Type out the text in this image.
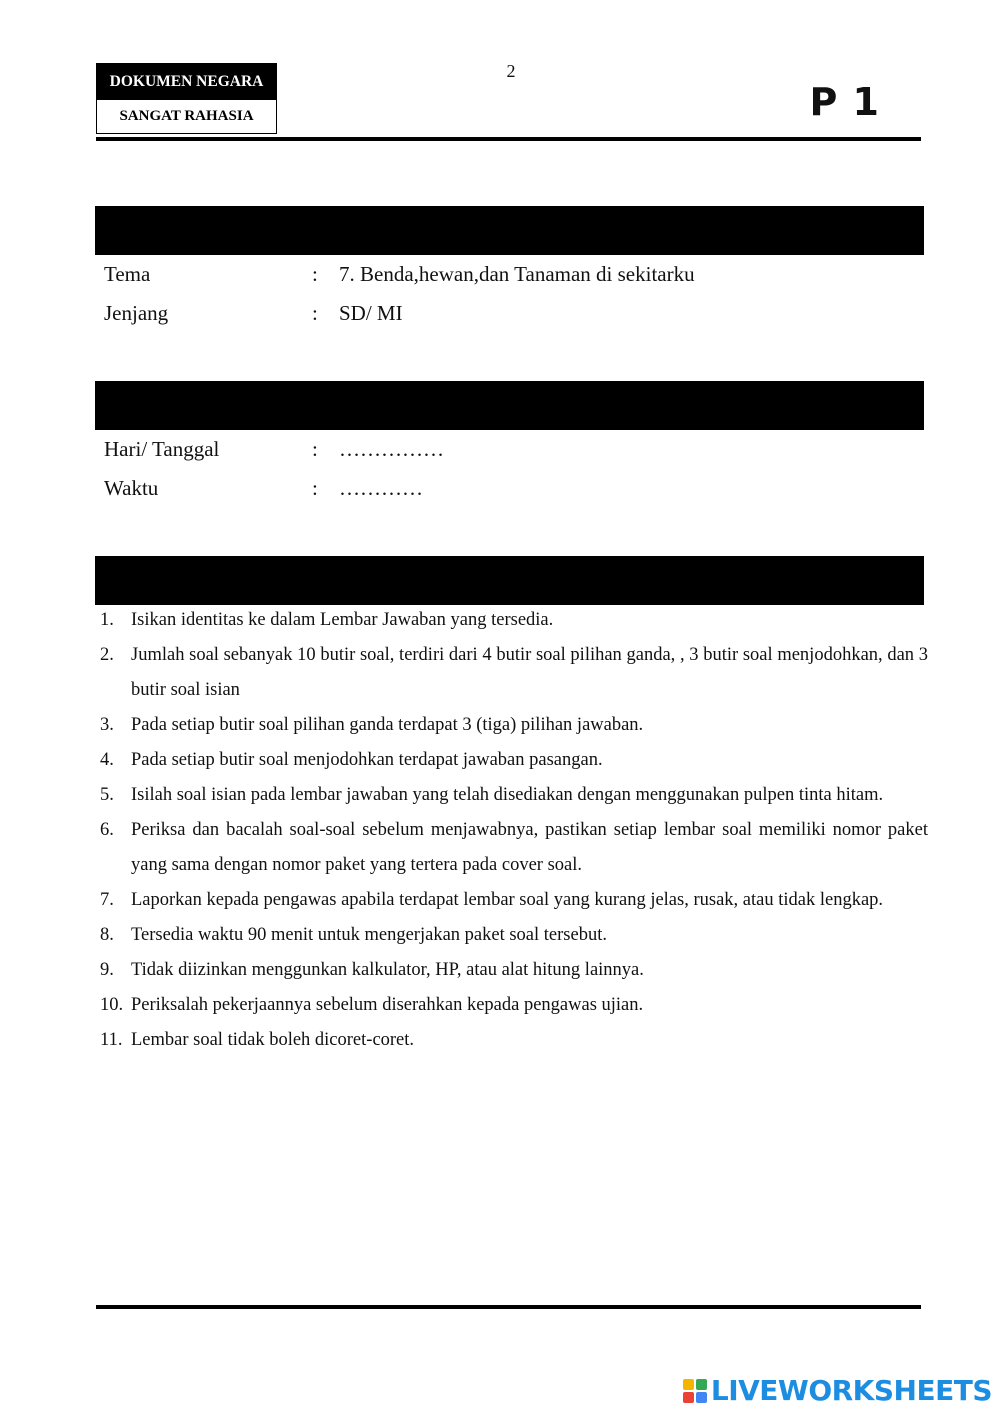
DOKUMEN NEGARA
SANGAT RAHASIA
2
P 1
Tema	: 7. Benda,hewan,dan Tanaman di sekitarku
Jenjang	: SD/ MI
Hari/ Tanggal	: ……………
Waktu	: …………
1. Isikan identitas ke dalam Lembar Jawaban yang tersedia.
2. Jumlah soal sebanyak 10 butir soal, terdiri dari 4 butir soal pilihan ganda, , 3 butir soal menjodohkan, dan 3 butir soal isian
3. Pada setiap butir soal pilihan ganda terdapat 3 (tiga) pilihan jawaban.
4. Pada setiap butir soal menjodohkan terdapat jawaban pasangan.
5. Isilah soal isian pada lembar jawaban yang telah disediakan dengan menggunakan pulpen tinta hitam.
6. Periksa dan bacalah soal-soal sebelum menjawabnya, pastikan setiap lembar soal memiliki nomor paket yang sama dengan nomor paket yang tertera pada cover soal.
7. Laporkan kepada pengawas apabila terdapat lembar soal yang kurang jelas, rusak, atau tidak lengkap.
8. Tersedia waktu 90 menit untuk mengerjakan paket soal tersebut.
9. Tidak diizinkan menggunkan kalkulator, HP, atau alat hitung lainnya.
10. Periksalah pekerjaannya sebelum diserahkan kepada pengawas ujian.
11. Lembar soal tidak boleh dicoret-coret.
LIVEWORKSHEETS
